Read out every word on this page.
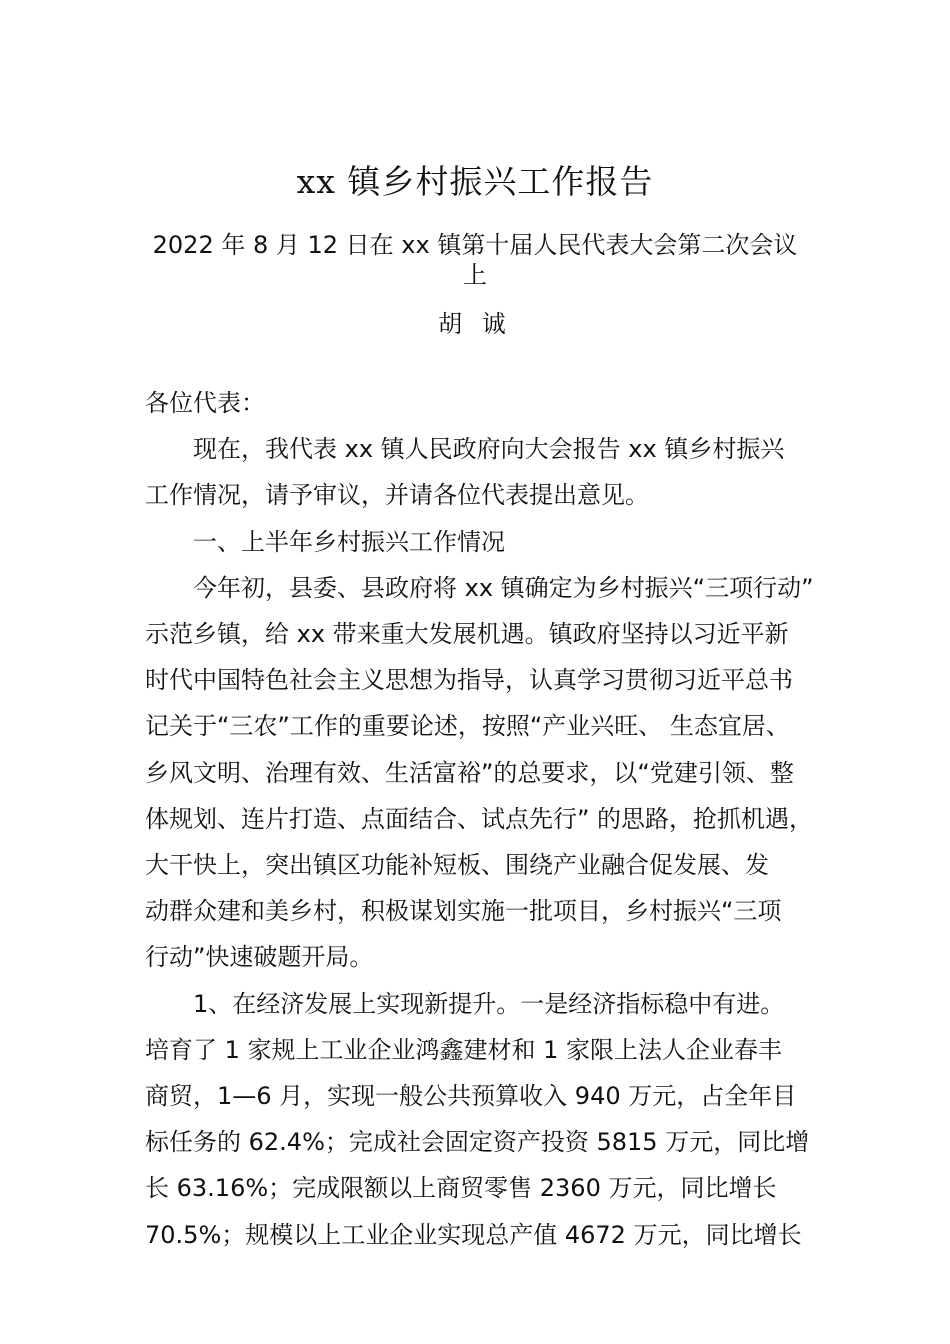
xx 镇乡村振兴工作报告
2022 年 8 月 12 日在 xx 镇第十届人民代表大会第二次会议
上
胡 诚

各位代表：

现在，我代表 xx 镇人民政府向大会报告 xx 镇乡村振兴

工作情况，请予审议，并请各位代表提出意见。

一、上半年乡村振兴工作情况

今年初，县委、县政府将 xx 镇确定为乡村振兴“三项行动”

示范乡镇，给 xx 带来重大发展机遇。镇政府坚持以习近平新

时代中国特色社会主义思想为指导，认真学习贯彻习近平总书

记关于“三农”工作的重要论述，按照“产业兴旺、 生态宜居、

乡风文明、治理有效、生活富裕”的总要求，以“党建引领、整

体规划、连片打造、点面结合、试点先行” 的思路，抢抓机遇，

大干快上，突出镇区功能补短板、围绕产业融合促发展、发

动群众建和美乡村，积极谋划实施一批项目，乡村振兴“三项

行动”快速破题开局。

1、在经济发展上实现新提升。一是经济指标稳中有进。

培育了 1 家规上工业企业鸿鑫建材和 1 家限上法人企业春丰

商贸，1—6 月，实现一般公共预算收入 940 万元，占全年目

标任务的 62.4%；完成社会固定资产投资 5815 万元，同比增

长 63.16%；完成限额以上商贸零售 2360 万元，同比增长

70.5%；规模以上工业企业实现总产值 4672 万元，同比增长
